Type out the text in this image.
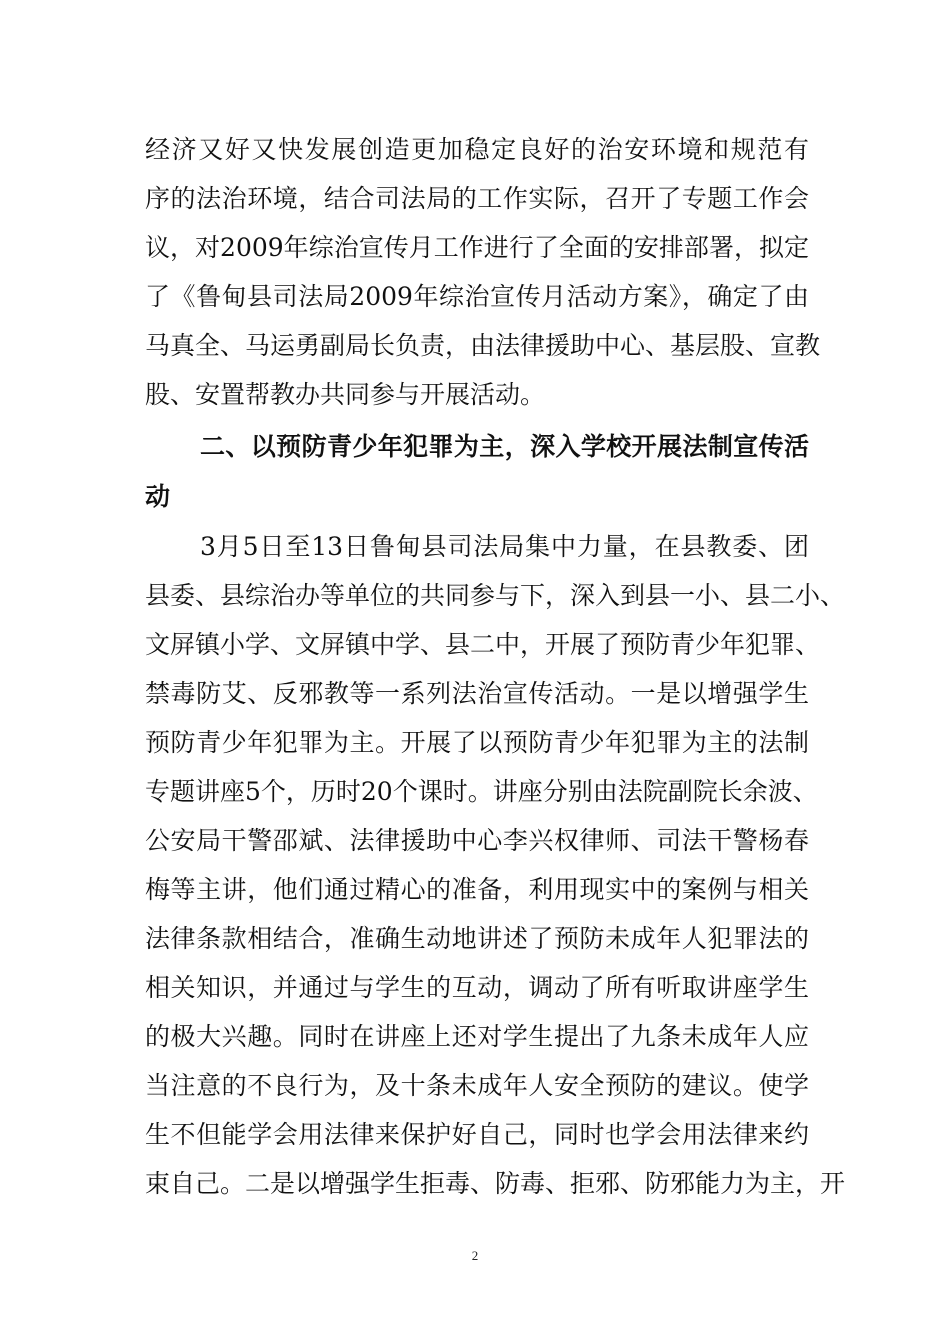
经济又好又快发展创造更加稳定良好的治安环境和规范有
序的法治环境，结合司法局的工作实际，召开了专题工作会
议，对2009年综治宣传月工作进行了全面的安排部署，拟定
了《鲁甸县司法局2009年综治宣传月活动方案》，确定了由
马真全、马运勇副局长负责，由法律援助中心、基层股、宣教
股、安置帮教办共同参与开展活动。
二、以预防青少年犯罪为主，深入学校开展法制宣传活
动
3月5日至13日鲁甸县司法局集中力量，在县教委、团
县委、县综治办等单位的共同参与下，深入到县一小、县二小、
文屏镇小学、文屏镇中学、县二中，开展了预防青少年犯罪、
禁毒防艾、反邪教等一系列法治宣传活动。一是以增强学生
预防青少年犯罪为主。开展了以预防青少年犯罪为主的法制
专题讲座5个，历时20个课时。讲座分别由法院副院长余波、
公安局干警邵斌、法律援助中心李兴权律师、司法干警杨春
梅等主讲，他们通过精心的准备，利用现实中的案例与相关
法律条款相结合，准确生动地讲述了预防未成年人犯罪法的
相关知识，并通过与学生的互动，调动了所有听取讲座学生
的极大兴趣。同时在讲座上还对学生提出了九条未成年人应
当注意的不良行为，及十条未成年人安全预防的建议。使学
生不但能学会用法律来保护好自己，同时也学会用法律来约
束自己。二是以增强学生拒毒、防毒、拒邪、防邪能力为主，开
2
